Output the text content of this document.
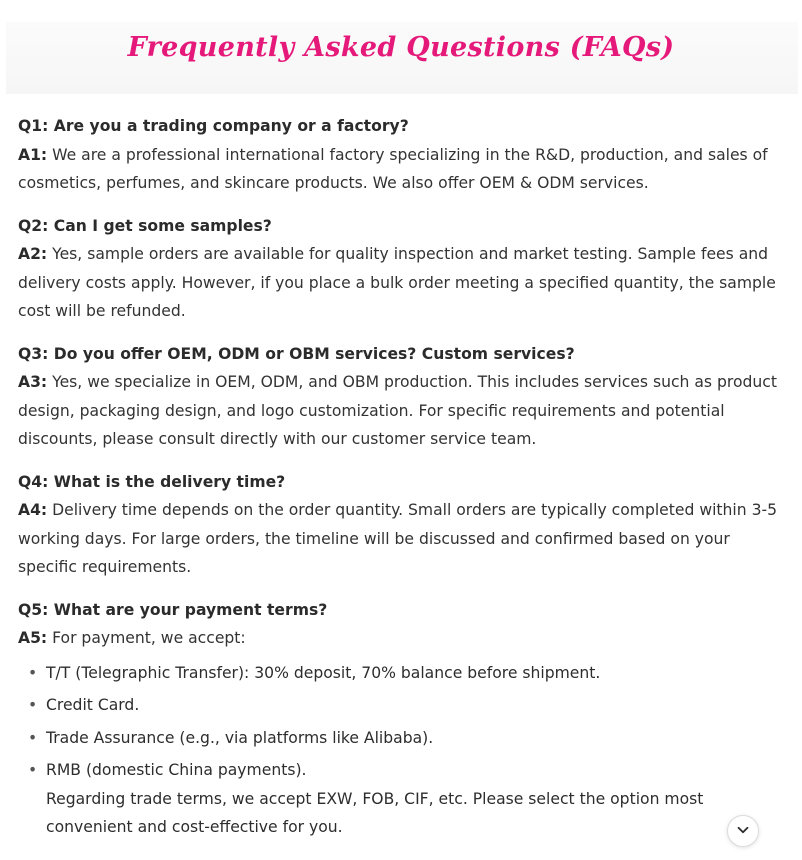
Frequently Asked Questions (FAQs)
Q1: Are you a trading company or a factory?
A1: We are a professional international factory specializing in the R&D, production, and sales of cosmetics, perfumes, and skincare products. We also offer OEM & ODM services.
Q2: Can I get some samples?
A2: Yes, sample orders are available for quality inspection and market testing. Sample fees and delivery costs apply. However, if you place a bulk order meeting a specified quantity, the sample cost will be refunded.
Q3: Do you offer OEM, ODM or OBM services? Custom services?
A3: Yes, we specialize in OEM, ODM, and OBM production. This includes services such as product design, packaging design, and logo customization. For specific requirements and potential discounts, please consult directly with our customer service team.
Q4: What is the delivery time?
A4: Delivery time depends on the order quantity. Small orders are typically completed within 3-5 working days. For large orders, the timeline will be discussed and confirmed based on your specific requirements.
Q5: What are your payment terms?
A5: For payment, we accept:
• T/T (Telegraphic Transfer): 30% deposit, 70% balance before shipment.
• Credit Card.
• Trade Assurance (e.g., via platforms like Alibaba).
• RMB (domestic China payments).
Regarding trade terms, we accept EXW, FOB, CIF, etc. Please select the option most convenient and cost-effective for you.
